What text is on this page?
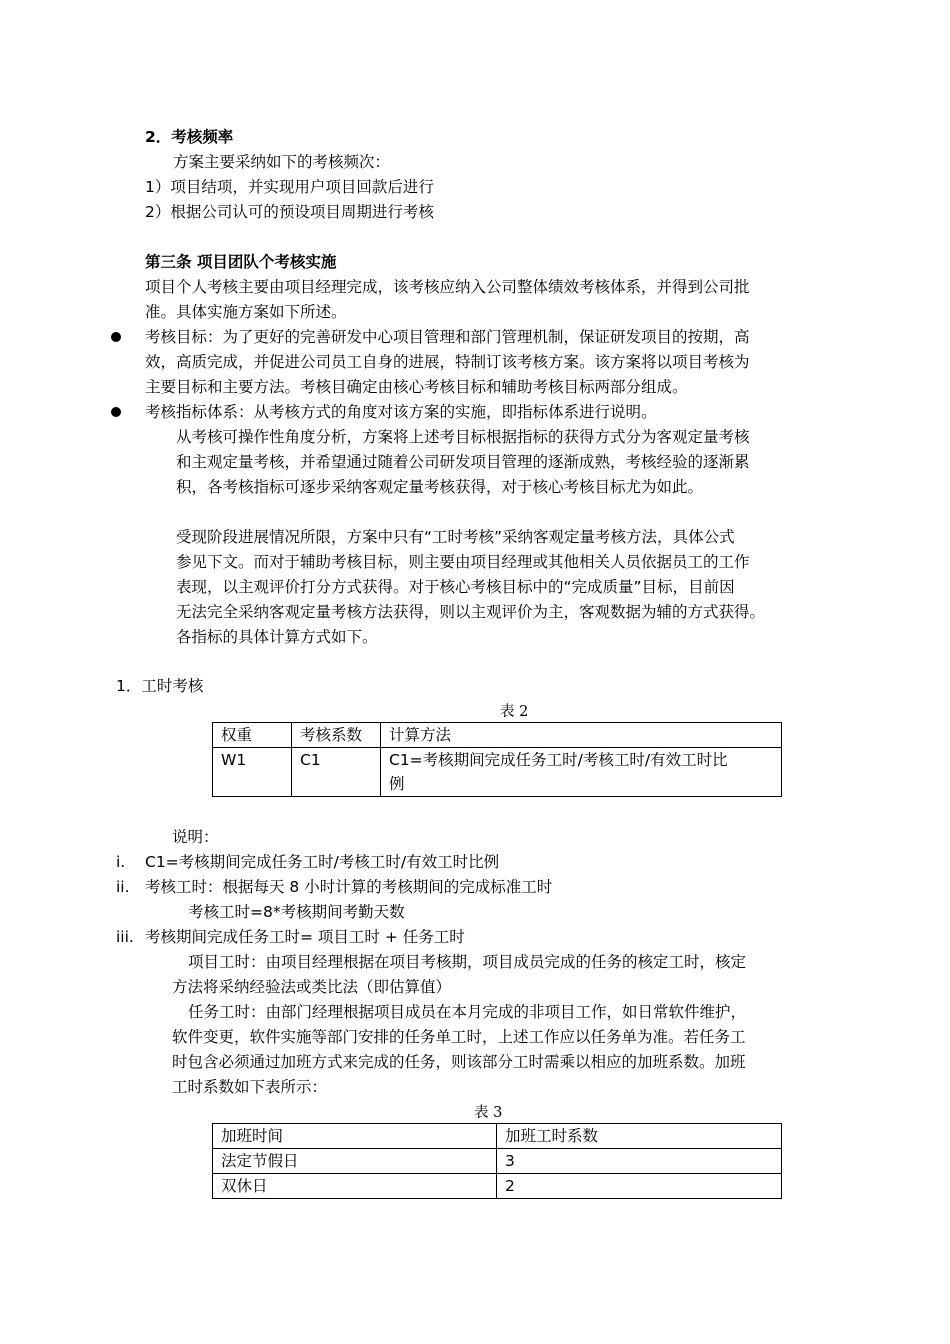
2．考核频率
方案主要采纳如下的考核频次：
1）项目结项，并实现用户项目回款后进行
2）根据公司认可的预设项目周期进行考核
第三条 项目团队个考核实施
项目个人考核主要由项目经理完成，该考核应纳入公司整体绩效考核体系，并得到公司批
准。具体实施方案如下所述。
考核目标：为了更好的完善研发中心项目管理和部门管理机制，保证研发项目的按期，高
效，高质完成，并促进公司员工自身的进展，特制订该考核方案。该方案将以项目考核为
主要目标和主要方法。考核目确定由核心考核目标和辅助考核目标两部分组成。
考核指标体系：从考核方式的角度对该方案的实施，即指标体系进行说明。
从考核可操作性角度分析，方案将上述考目标根据指标的获得方式分为客观定量考核
和主观定量考核，并希望通过随着公司研发项目管理的逐渐成熟，考核经验的逐渐累
积，各考核指标可逐步采纳客观定量考核获得，对于核心考核目标尤为如此。
受现阶段进展情况所限，方案中只有“工时考核”采纳客观定量考核方法，具体公式
参见下文。而对于辅助考核目标，则主要由项目经理或其他相关人员依据员工的工作
表现，以主观评价打分方式获得。对于核心考核目标中的“完成质量”目标，目前因
无法完全采纳客观定量考核方法获得，则以主观评价为主，客观数据为辅的方式获得。
各指标的具体计算方式如下。
1．工时考核
表 2
权重	考核系数	计算方法
W1	C1	C1=考核期间完成任务工时/考核工时/有效工时比
例
说明：
i. C1=考核期间完成任务工时/考核工时/有效工时比例
ii. 考核工时：根据每天 8 小时计算的考核期间的完成标准工时
考核工时=8*考核期间考勤天数
iii. 考核期间完成任务工时= 项目工时 + 任务工时
项目工时：由项目经理根据在项目考核期，项目成员完成的任务的核定工时，核定
方法将采纳经验法或类比法（即估算值）
任务工时：由部门经理根据项目成员在本月完成的非项目工作，如日常软件维护，
软件变更，软件实施等部门安排的任务单工时，上述工作应以任务单为准。若任务工
时包含必须通过加班方式来完成的任务，则该部分工时需乘以相应的加班系数。加班
工时系数如下表所示：
表 3
加班时间	加班工时系数
法定节假日	3
双休日	2
